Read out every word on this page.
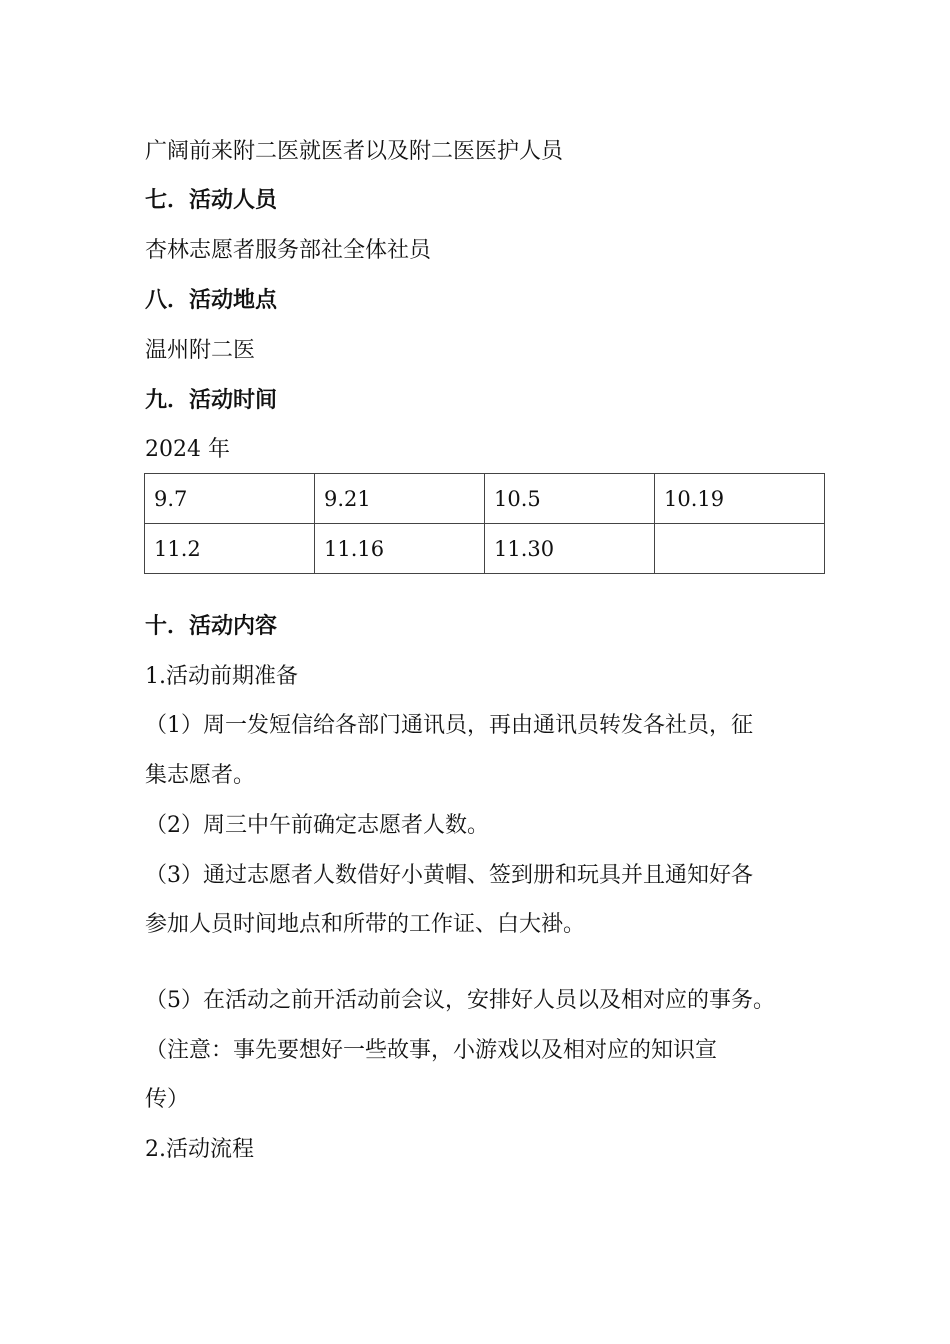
广阔前来附二医就医者以及附二医医护人员

七．活动人员

杏林志愿者服务部社全体社员

八．活动地点

温州附二医

九．活动时间

2024 年

9.7	9.21	10.5	10.19
11.2	11.16	11.30	

十．活动内容

1.活动前期准备

（1）周一发短信给各部门通讯员，再由通讯员转发各社员，征

集志愿者。

（2）周三中午前确定志愿者人数。

（3）通过志愿者人数借好小黄帽、签到册和玩具并且通知好各

参加人员时间地点和所带的工作证、白大褂。

（5）在活动之前开活动前会议，安排好人员以及相对应的事务。

（注意：事先要想好一些故事，小游戏以及相对应的知识宣

传）

2.活动流程
